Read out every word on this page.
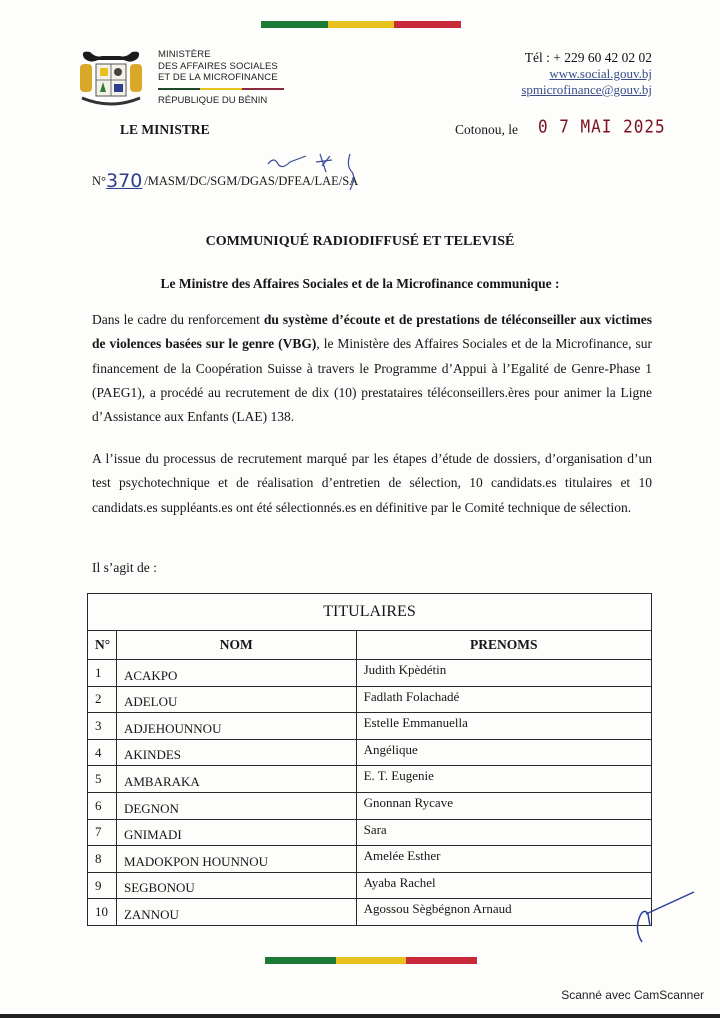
MINISTÈRE
DES AFFAIRES SOCIALES
ET DE LA MICROFINANCE
RÉPUBLIQUE DU BÉNIN
Tél : + 229 60 42 02 02
www.social.gouv.bj
spmicrofinance@gouv.bj
LE MINISTRE	Cotonou, le 0 7 MAI 2025
N°370 /MASM/DC/SGM/DGAS/DFEA/LAE/SA
COMMUNIQUÉ RADIODIFFUSÉ ET TELEVISÉ
Le Ministre des Affaires Sociales et de la Microfinance communique :
Dans le cadre du renforcement du système d’écoute et de prestations de téléconseiller aux victimes de violences basées sur le genre (VBG), le Ministère des Affaires Sociales et de la Microfinance, sur financement de la Coopération Suisse à travers le Programme d’Appui à l’Egalité de Genre-Phase 1 (PAEG1), a procédé au recrutement de dix (10) prestataires téléconseillers.ères pour animer la Ligne d’Assistance aux Enfants (LAE) 138.
A l’issue du processus de recrutement marqué par les étapes d’étude de dossiers, d’organisation d’un test psychotechnique et de réalisation d’entretien de sélection, 10 candidats.es titulaires et 10 candidats.es suppléants.es ont été sélectionnés.es en définitive par le Comité technique de sélection.
Il s’agit de :
TITULAIRES		
N°	NOM	PRENOMS
1	ACAKPO	Judith Kpèdétin
2	ADELOU	Fadlath Folachadé
3	ADJEHOUNNOU	Estelle Emmanuella
4	AKINDES	Angélique
5	AMBARAKA	E. T. Eugenie
6	DEGNON	Gnonnan Rycave
7	GNIMADI	Sara
8	MADOKPON HOUNNOU	Amelée Esther
9	SEGBONOU	Ayaba Rachel
10	ZANNOU	Agossou Sègbégnon Arnaud
Scanné avec CamScanner
